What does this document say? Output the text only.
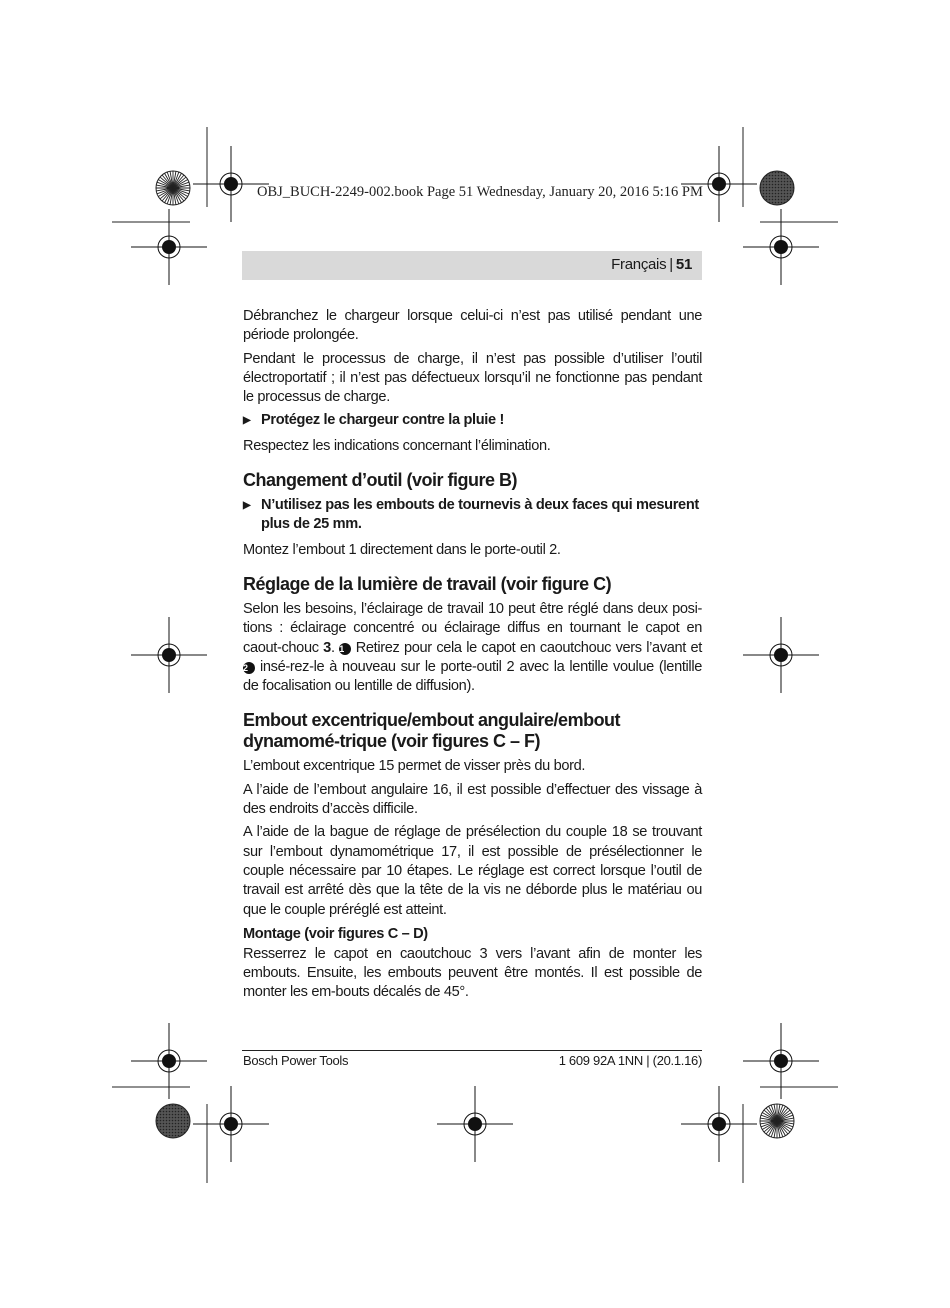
OBJ_BUCH-2249-002.book Page 51 Wednesday, January 20, 2016 5:16 PM
Français | 51

Débranchez le chargeur lorsque celui-ci n’est pas utilisé pendant une période prolongée.

Pendant le processus de charge, il n’est pas possible d’utiliser l’outil électroportatif ; il n’est pas défectueux lorsqu’il ne fonctionne pas pendant le processus de charge.

▶ Protégez le chargeur contre la pluie !

Respectez les indications concernant l’élimination.

Changement d’outil (voir figure B)
▶ N’utilisez pas les embouts de tournevis à deux faces qui mesurent plus de 25 mm.

Montez l’embout 1 directement dans le porte-outil 2.

Réglage de la lumière de travail (voir figure C)

Selon les besoins, l’éclairage de travail 10 peut être réglé dans deux posi-tions : éclairage concentré ou éclairage diffus en tournant le capot en caout-chouc 3. 1 Retirez pour cela le capot en caoutchouc vers l’avant et 2 insé-rez-le à nouveau sur le porte-outil 2 avec la lentille voulue (lentille de focalisation ou lentille de diffusion).

Embout excentrique/embout angulaire/embout dynamomé-trique (voir figures C – F)

L’embout excentrique 15 permet de visser près du bord.

A l’aide de l’embout angulaire 16, il est possible d’effectuer des vissage à des endroits d’accès difficile.

A l’aide de la bague de réglage de présélection du couple 18 se trouvant sur l’embout dynamométrique 17, il est possible de présélectionner le couple nécessaire par 10 étapes. Le réglage est correct lorsque l’outil de travail est arrêté dès que la tête de la vis ne déborde plus le matériau ou que le couple préréglé est atteint.

Montage (voir figures C – D)

Resserrez le capot en caoutchouc 3 vers l’avant afin de monter les embouts. Ensuite, les embouts peuvent être montés. Il est possible de monter les em-bouts décalés de 45°.

Bosch Power Tools	1 609 92A 1NN | (20.1.16)
